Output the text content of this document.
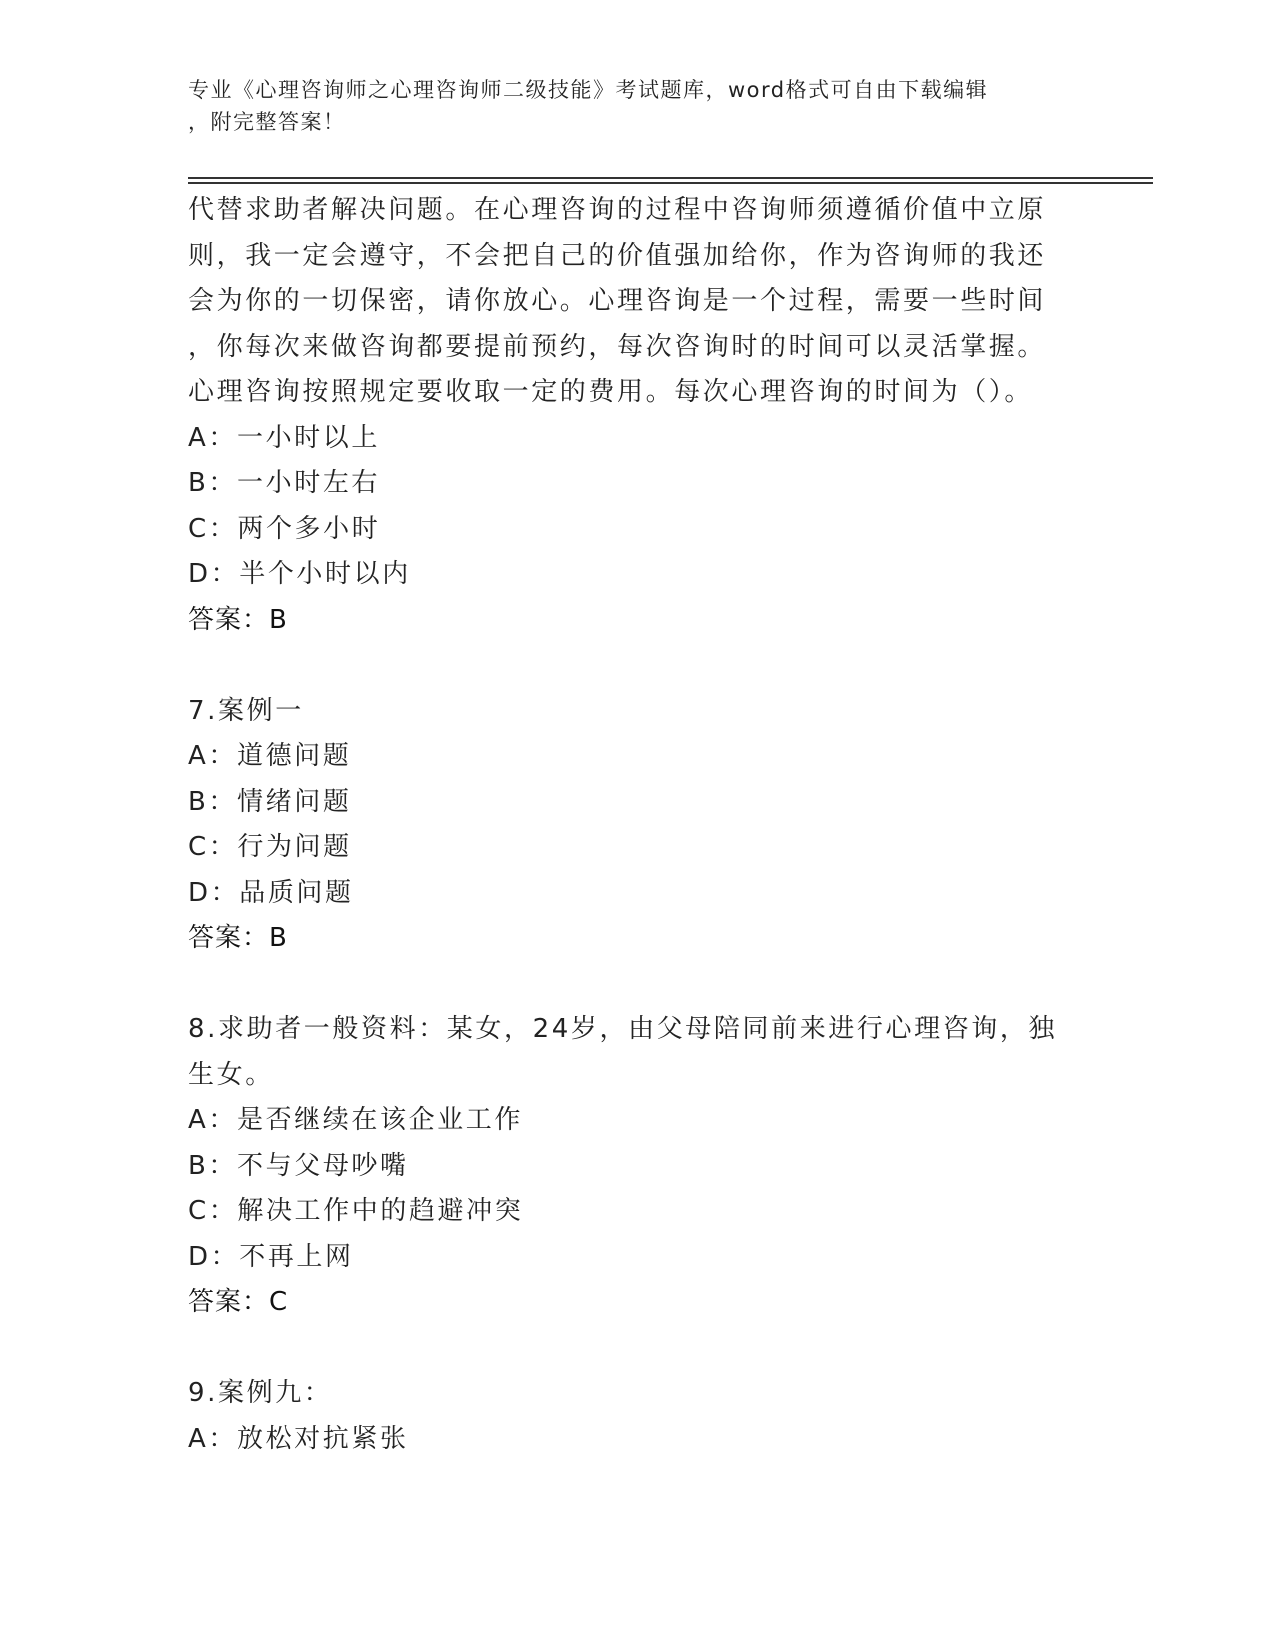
专业《心理咨询师之心理咨询师二级技能》考试题库，word格式可自由下载编辑
，附完整答案！
代替求助者解决问题。在心理咨询的过程中咨询师须遵循价值中立原
则，我一定会遵守，不会把自己的价值强加给你，作为咨询师的我还
会为你的一切保密，请你放心。心理咨询是一个过程，需要一些时间
，你每次来做咨询都要提前预约，每次咨询时的时间可以灵活掌握。
心理咨询按照规定要收取一定的费用。每次心理咨询的时间为（）。
A：一小时以上
B：一小时左右
C：两个多小时
D：半个小时以内
答案：B
7.案例一
A：道德问题
B：情绪问题
C：行为问题
D：品质问题
答案：B
8.求助者一般资料：某女，24岁，由父母陪同前来进行心理咨询，独
生女。
A：是否继续在该企业工作
B：不与父母吵嘴
C：解决工作中的趋避冲突
D：不再上网
答案：C
9.案例九：
A：放松对抗紧张
